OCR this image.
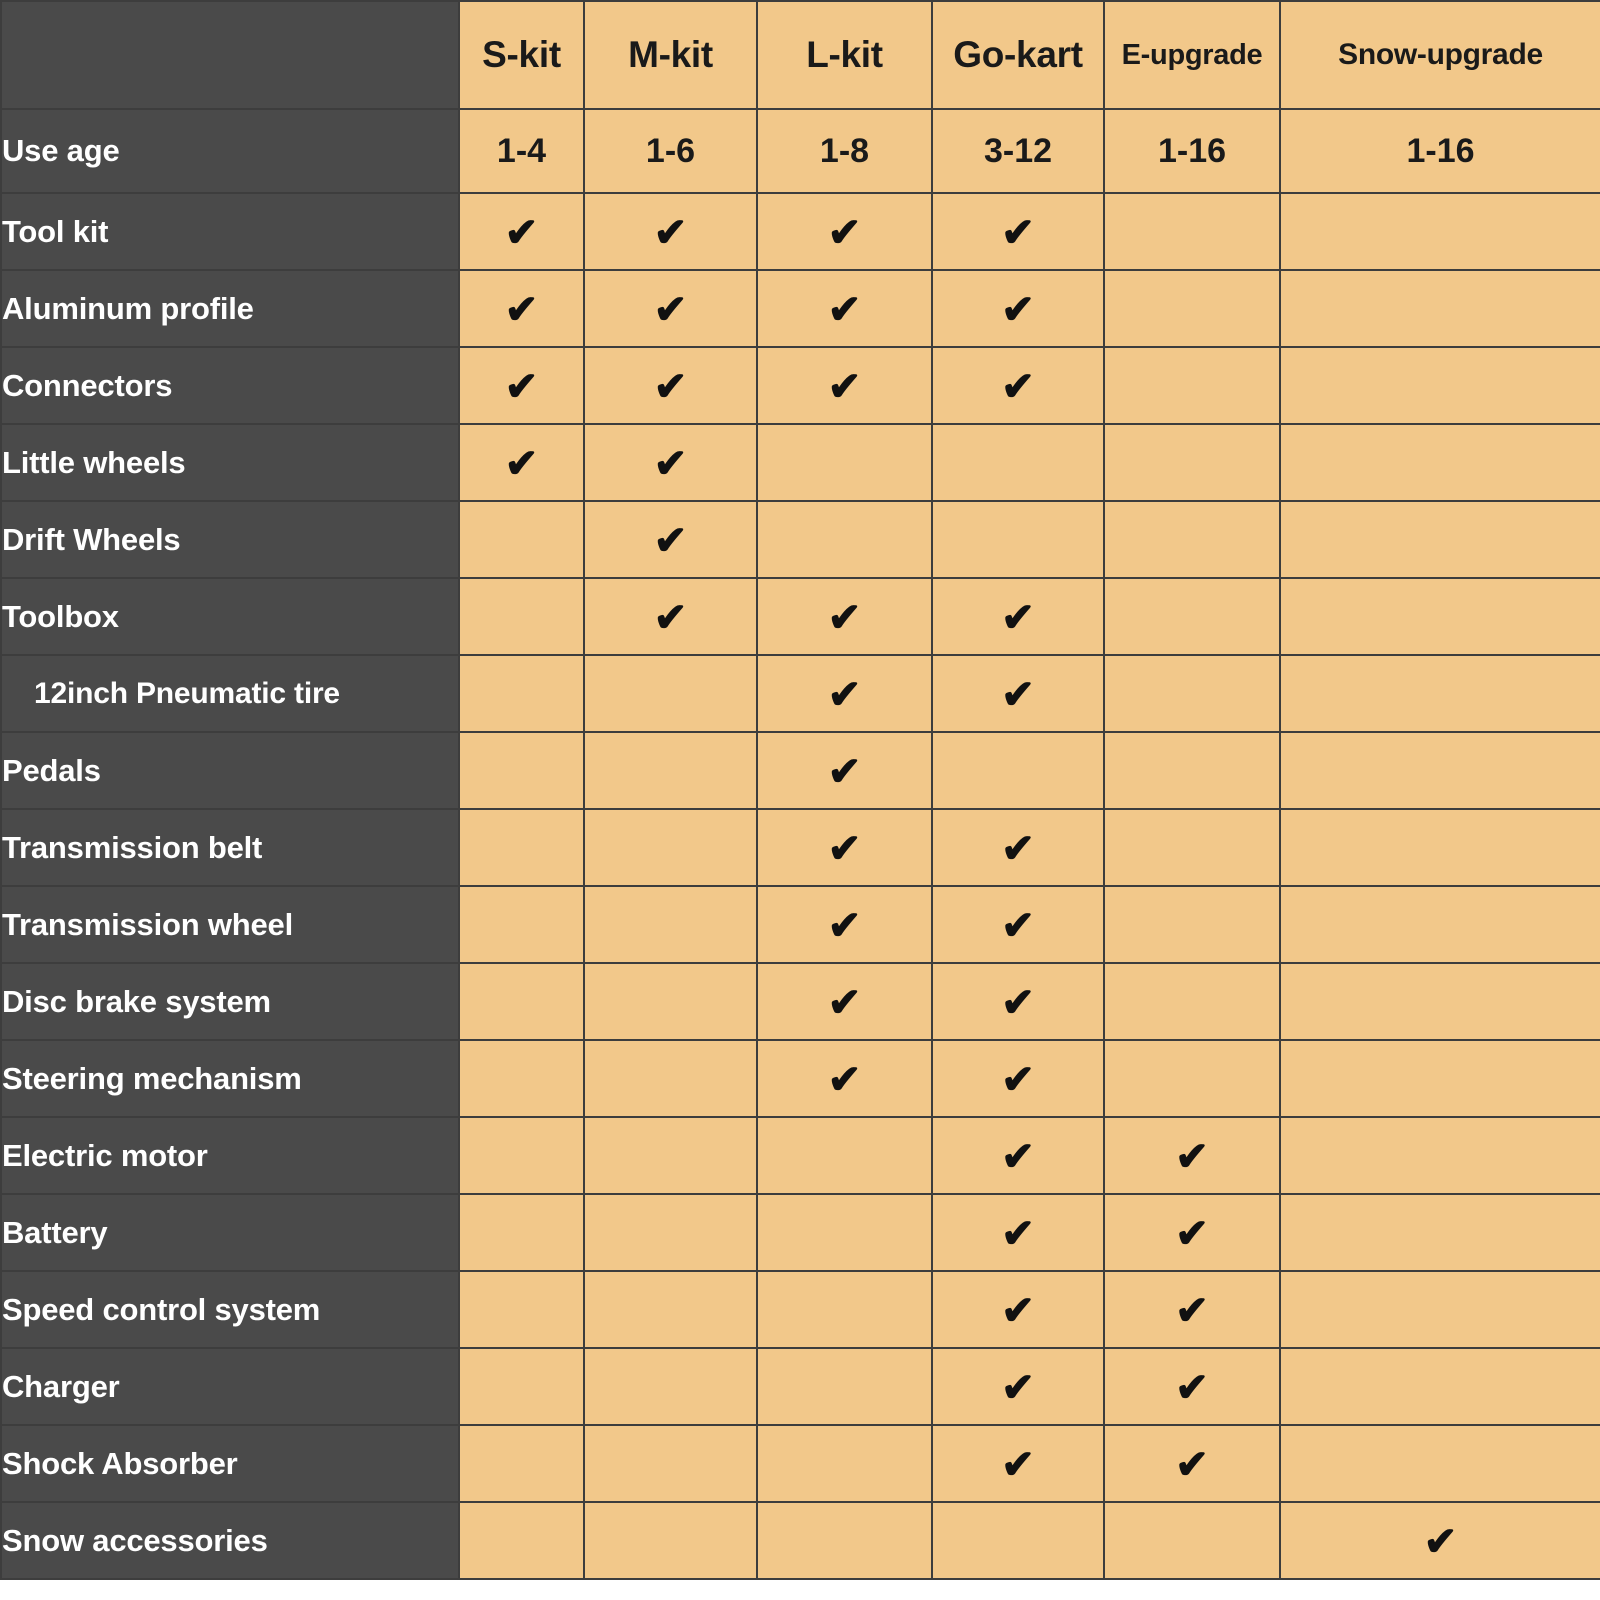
	S-kit	M-kit	L-kit	Go-kart	E-upgrade	Snow-upgrade
Use age	1-4	1-6	1-8	3-12	1-16	1-16
Tool kit	✔	✔	✔	✔		
Aluminum profile	✔	✔	✔	✔		
Connectors	✔	✔	✔	✔		
Little wheels	✔	✔				
Drift Wheels		✔				
Toolbox		✔	✔	✔		
12inch Pneumatic tire			✔	✔		
Pedals			✔			
Transmission belt			✔	✔		
Transmission wheel			✔	✔		
Disc brake system			✔	✔		
Steering mechanism			✔	✔		
Electric motor				✔	✔	
Battery				✔	✔	
Speed control system				✔	✔	
Charger				✔	✔	
Shock Absorber				✔	✔	
Snow accessories						✔
